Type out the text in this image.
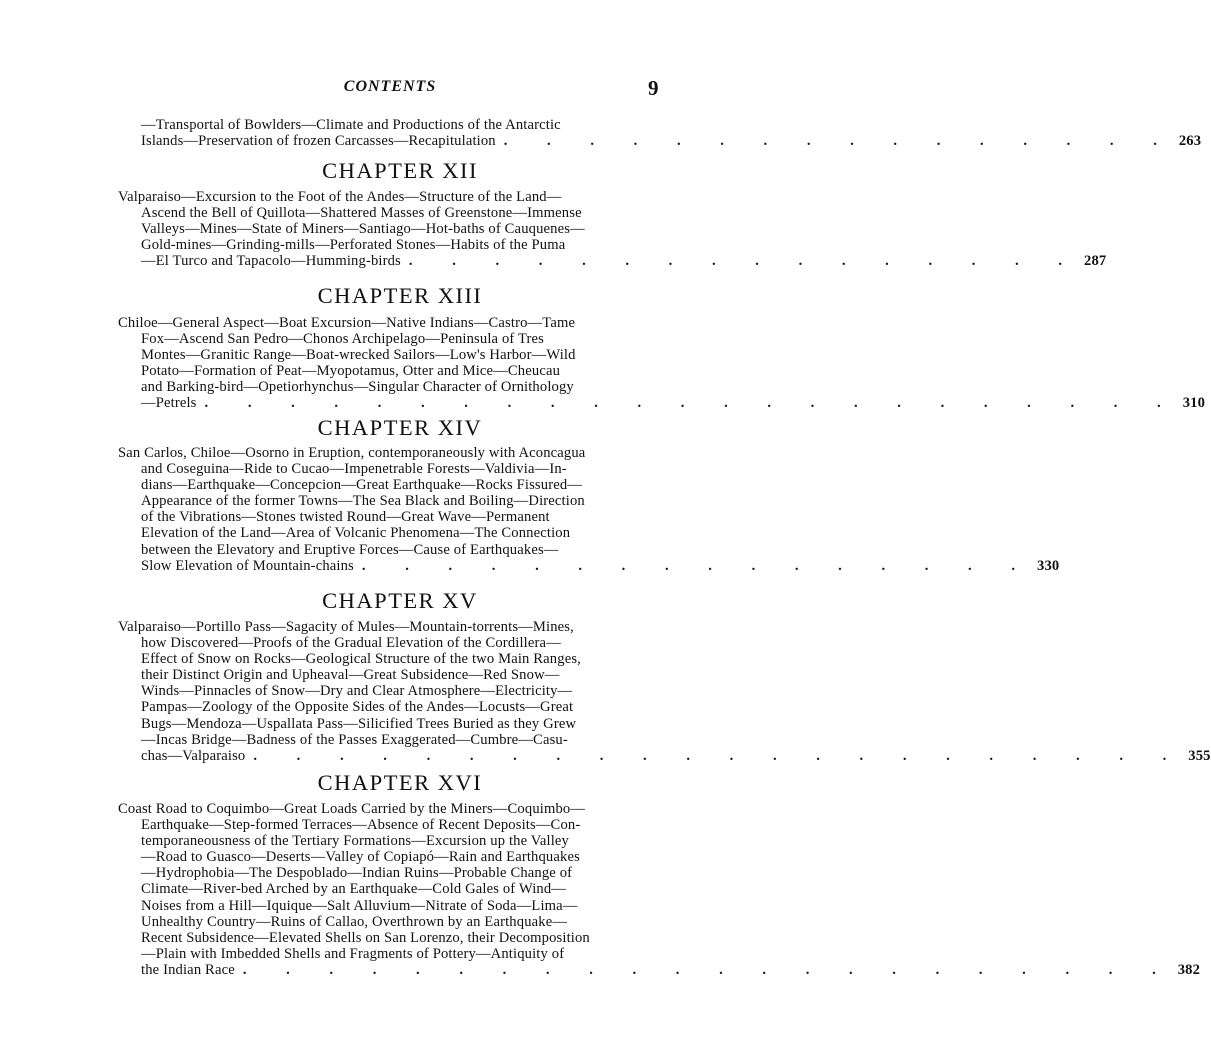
CONTENTS	9
—Transportal of Bowlders—Climate and Productions of the Antarctic
Islands—Preservation of frozen Carcasses—Recapitulation . . . . . . . . . . . . . . . . 263
CHAPTER XII
Valparaiso—Excursion to the Foot of the Andes—Structure of the Land—
Ascend the Bell of Quillota—Shattered Masses of Greenstone—Immense
Valleys—Mines—State of Miners—Santiago—Hot-baths of Cauquenes—
Gold-mines—Grinding-mills—Perforated Stones—Habits of the Puma
—El Turco and Tapacolo—Humming-birds . . . . . . . . . . . . . . . . 287
CHAPTER XIII
Chiloe—General Aspect—Boat Excursion—Native Indians—Castro—Tame
Fox—Ascend San Pedro—Chonos Archipelago—Peninsula of Tres
Montes—Granitic Range—Boat-wrecked Sailors—Low's Harbor—Wild
Potato—Formation of Peat—Myopotamus, Otter and Mice—Cheucau
and Barking-bird—Opetiorhynchus—Singular Character of Ornithology
—Petrels . . . . . . . . . . . . . . . . . . . . . . . 310
CHAPTER XIV
San Carlos, Chiloe—Osorno in Eruption, contemporaneously with Aconcagua
and Coseguina—Ride to Cucao—Impenetrable Forests—Valdivia—In-
dians—Earthquake—Concepcion—Great Earthquake—Rocks Fissured—
Appearance of the former Towns—The Sea Black and Boiling—Direction
of the Vibrations—Stones twisted Round—Great Wave—Permanent
Elevation of the Land—Area of Volcanic Phenomena—The Connection
between the Elevatory and Eruptive Forces—Cause of Earthquakes—
Slow Elevation of Mountain-chains . . . . . . . . . . . . . . . . 330
CHAPTER XV
Valparaiso—Portillo Pass—Sagacity of Mules—Mountain-torrents—Mines,
how Discovered—Proofs of the Gradual Elevation of the Cordillera—
Effect of Snow on Rocks—Geological Structure of the two Main Ranges,
their Distinct Origin and Upheaval—Great Subsidence—Red Snow—
Winds—Pinnacles of Snow—Dry and Clear Atmosphere—Electricity—
Pampas—Zoology of the Opposite Sides of the Andes—Locusts—Great
Bugs—Mendoza—Uspallata Pass—Silicified Trees Buried as they Grew
—Incas Bridge—Badness of the Passes Exaggerated—Cumbre—Casu-
chas—Valparaiso . . . . . . . . . . . . . . . . . . . . . . 355
CHAPTER XVI
Coast Road to Coquimbo—Great Loads Carried by the Miners—Coquimbo—
Earthquake—Step-formed Terraces—Absence of Recent Deposits—Con-
temporaneousness of the Tertiary Formations—Excursion up the Valley
—Road to Guasco—Deserts—Valley of Copiapó—Rain and Earthquakes
—Hydrophobia—The Despoblado—Indian Ruins—Probable Change of
Climate—River-bed Arched by an Earthquake—Cold Gales of Wind—
Noises from a Hill—Iquique—Salt Alluvium—Nitrate of Soda—Lima—
Unhealthy Country—Ruins of Callao, Overthrown by an Earthquake—
Recent Subsidence—Elevated Shells on San Lorenzo, their Decomposition
—Plain with Imbedded Shells and Fragments of Pottery—Antiquity of
the Indian Race . . . . . . . . . . . . . . . . . . . . . . 382
